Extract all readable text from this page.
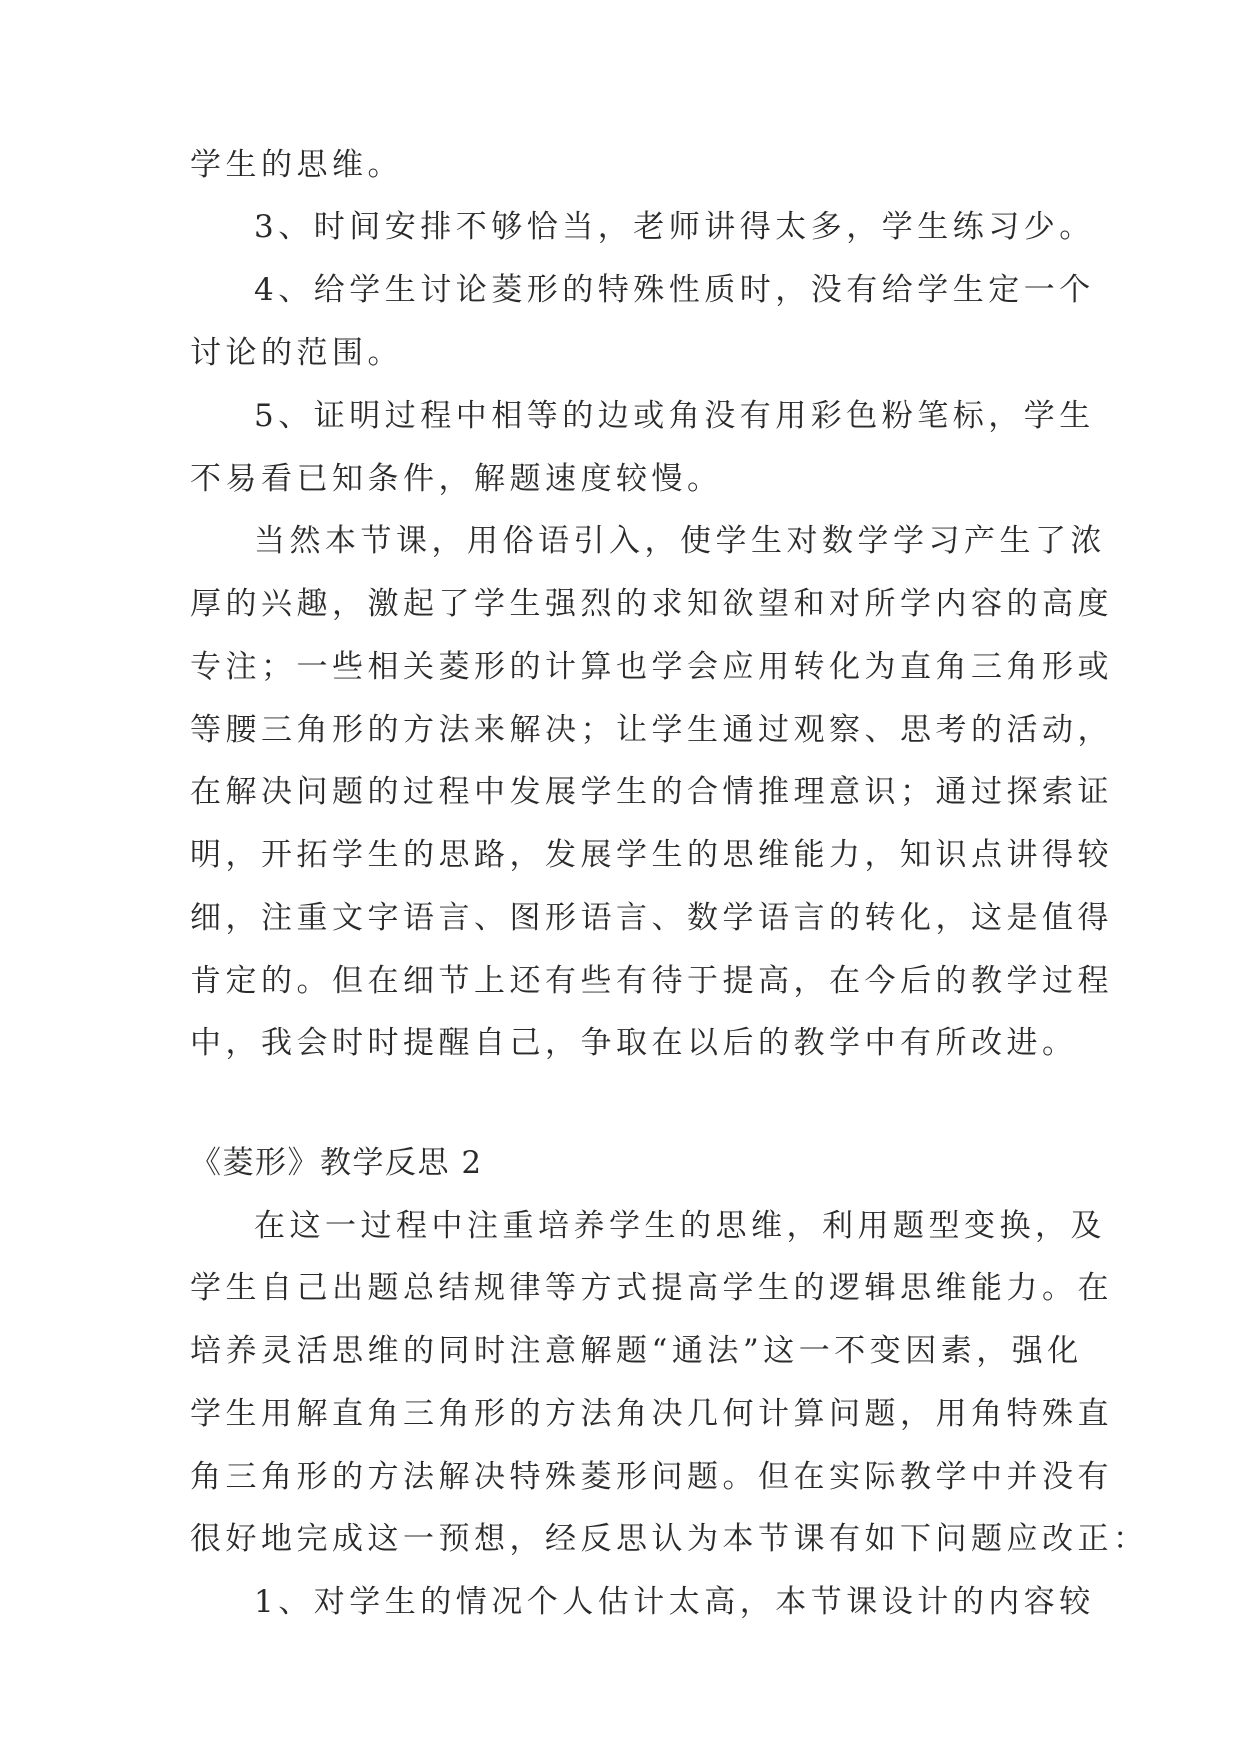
学生的思维。

3、时间安排不够恰当，老师讲得太多，学生练习少。

4、给学生讨论菱形的特殊性质时，没有给学生定一个

讨论的范围。

5、证明过程中相等的边或角没有用彩色粉笔标，学生

不易看已知条件，解题速度较慢。

当然本节课，用俗语引入，使学生对数学学习产生了浓

厚的兴趣，激起了学生强烈的求知欲望和对所学内容的高度

专注；一些相关菱形的计算也学会应用转化为直角三角形或

等腰三角形的方法来解决；让学生通过观察、思考的活动，

在解决问题的过程中发展学生的合情推理意识；通过探索证

明，开拓学生的思路，发展学生的思维能力，知识点讲得较

细，注重文字语言、图形语言、数学语言的转化，这是值得

肯定的。但在细节上还有些有待于提高，在今后的教学过程

中，我会时时提醒自己，争取在以后的教学中有所改进。

《菱形》教学反思 2

在这一过程中注重培养学生的思维，利用题型变换，及

学生自己出题总结规律等方式提高学生的逻辑思维能力。在

培养灵活思维的同时注意解题“通法”这一不变因素，强化

学生用解直角三角形的方法角决几何计算问题，用角特殊直

角三角形的方法解决特殊菱形问题。但在实际教学中并没有

很好地完成这一预想，经反思认为本节课有如下问题应改正：

1、对学生的情况个人估计太高，本节课设计的内容较
